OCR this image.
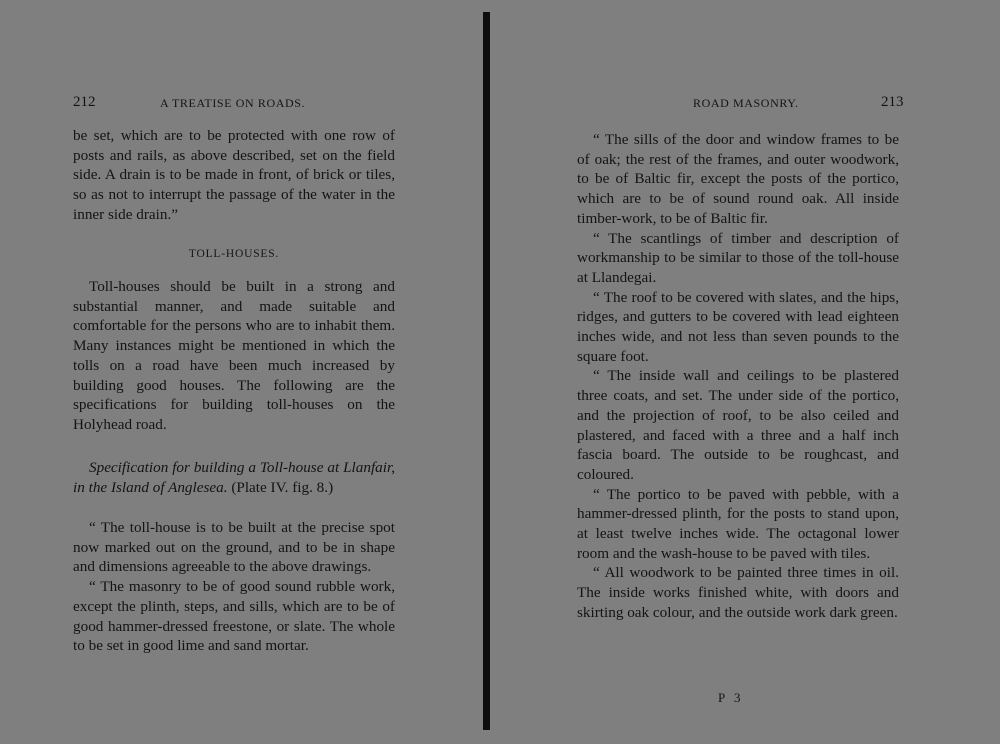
212	A TREATISE ON ROADS.

be set, which are to be protected with one row of posts and rails, as above described, set on the field side. A drain is to be made in front, of brick or tiles, so as not to interrupt the passage of the water in the inner side drain.”

TOLL-HOUSES.

Toll-houses should be built in a strong and substantial manner, and made suitable and comfortable for the persons who are to inhabit them. Many instances might be mentioned in which the tolls on a road have been much increased by building good houses. The following are the specifications for building toll-houses on the Holyhead road.

Specification for building a Toll-house at Llanfair, in the Island of Anglesea. (Plate IV. fig. 8.)

“ The toll-house is to be built at the precise spot now marked out on the ground, and to be in shape and dimensions agreeable to the above drawings.

“ The masonry to be of good sound rubble work, except the plinth, steps, and sills, which are to be of good hammer-dressed freestone, or slate. The whole to be set in good lime and sand mortar.

ROAD MASONRY.	213

“ The sills of the door and window frames to be of oak; the rest of the frames, and outer woodwork, to be of Baltic fir, except the posts of the portico, which are to be of sound round oak. All inside timber-work, to be of Baltic fir.

“ The scantlings of timber and description of workmanship to be similar to those of the toll-house at Llandegai.

“ The roof to be covered with slates, and the hips, ridges, and gutters to be covered with lead eighteen inches wide, and not less than seven pounds to the square foot.

“ The inside wall and ceilings to be plastered three coats, and set. The under side of the portico, and the projection of roof, to be also ceiled and plastered, and faced with a three and a half inch fascia board. The outside to be roughcast, and coloured.

“ The portico to be paved with pebble, with a hammer-dressed plinth, for the posts to stand upon, at least twelve inches wide. The octagonal lower room and the wash-house to be paved with tiles.

“ All woodwork to be painted three times in oil. The inside works finished white, with doors and skirting oak colour, and the outside work dark green.

P 3
